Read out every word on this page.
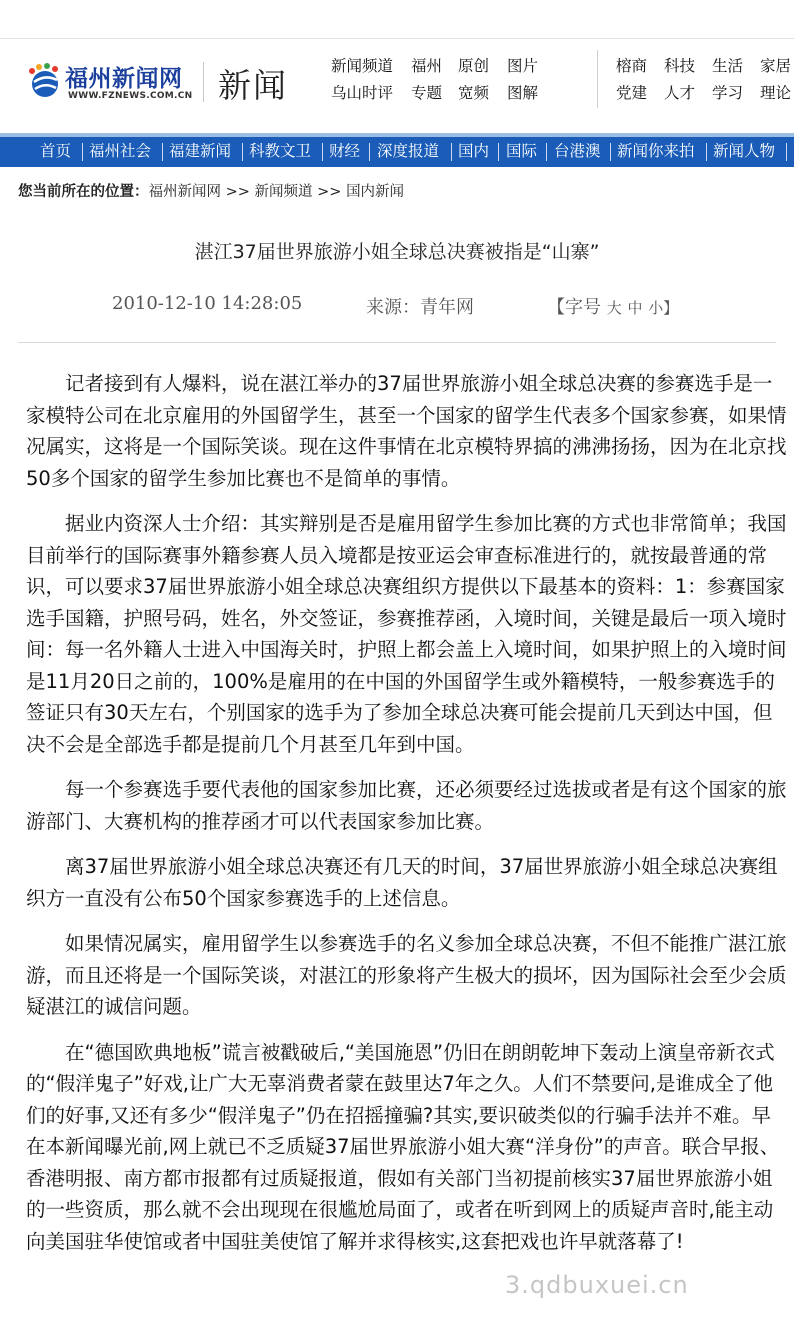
福州新闻网
WWW.FZNEWS.COM.CN 新闻	新闻频道 福州 原创 图片
乌山时评 专题 宽频 图解
榕商 科技 生活 家居
党建 人才 学习 理论
首页 福州社会 福建新闻 科教文卫 财经 深度报道 国内 国际 台港澳 新闻你来拍 新闻人物
您当前所在的位置：福州新闻网 >> 新闻频道 >> 国内新闻
湛江37届世界旅游小姐全球总决赛被指是“山寨”
2010-12-10 14:28:05	来源：青年网	【字号 大 中 小】

记者接到有人爆料，说在湛江举办的37届世界旅游小姐全球总决赛的参赛选手是一家模特公司在北京雇用的外国留学生，甚至一个国家的留学生代表多个国家参赛，如果情况属实，这将是一个国际笑谈。现在这件事情在北京模特界搞的沸沸扬扬，因为在北京找50多个国家的留学生参加比赛也不是简单的事情。

据业内资深人士介绍：其实辩别是否是雇用留学生参加比赛的方式也非常简单；我国目前举行的国际赛事外籍参赛人员入境都是按亚运会审查标准进行的，就按最普通的常识，可以要求37届世界旅游小姐全球总决赛组织方提供以下最基本的资料：1：参赛国家选手国籍，护照号码，姓名，外交签证，参赛推荐函，入境时间，关键是最后一项入境时间：每一名外籍人士进入中国海关时，护照上都会盖上入境时间，如果护照上的入境时间是11月20日之前的，100%是雇用的在中国的外国留学生或外籍模特，一般参赛选手的签证只有30天左右，个别国家的选手为了参加全球总决赛可能会提前几天到达中国，但决不会是全部选手都是提前几个月甚至几年到中国。

每一个参赛选手要代表他的国家参加比赛，还必须要经过选拔或者是有这个国家的旅游部门、大赛机构的推荐函才可以代表国家参加比赛。

离37届世界旅游小姐全球总决赛还有几天的时间，37届世界旅游小姐全球总决赛组织方一直没有公布50个国家参赛选手的上述信息。

如果情况属实，雇用留学生以参赛选手的名义参加全球总决赛，不但不能推广湛江旅游，而且还将是一个国际笑谈，对湛江的形象将产生极大的损坏，因为国际社会至少会质疑湛江的诚信问题。

在“德国欧典地板”谎言被戳破后,“美国施恩”仍旧在朗朗乾坤下轰动上演皇帝新衣式的“假洋鬼子”好戏,让广大无辜消费者蒙在鼓里达7年之久。人们不禁要问,是谁成全了他们的好事,又还有多少“假洋鬼子”仍在招摇撞骗?其实,要识破类似的行骗手法并不难。早在本新闻曝光前,网上就已不乏质疑37届世界旅游小姐大赛“洋身份”的声音。联合早报、香港明报、南方都市报都有过质疑报道，假如有关部门当初提前核实37届世界旅游小姐的一些资质，那么就不会出现现在很尴尬局面了，或者在听到网上的质疑声音时,能主动向美国驻华使馆或者中国驻美使馆了解并求得核实,这套把戏也许早就落幕了!

3.qdbuxuei.cn
